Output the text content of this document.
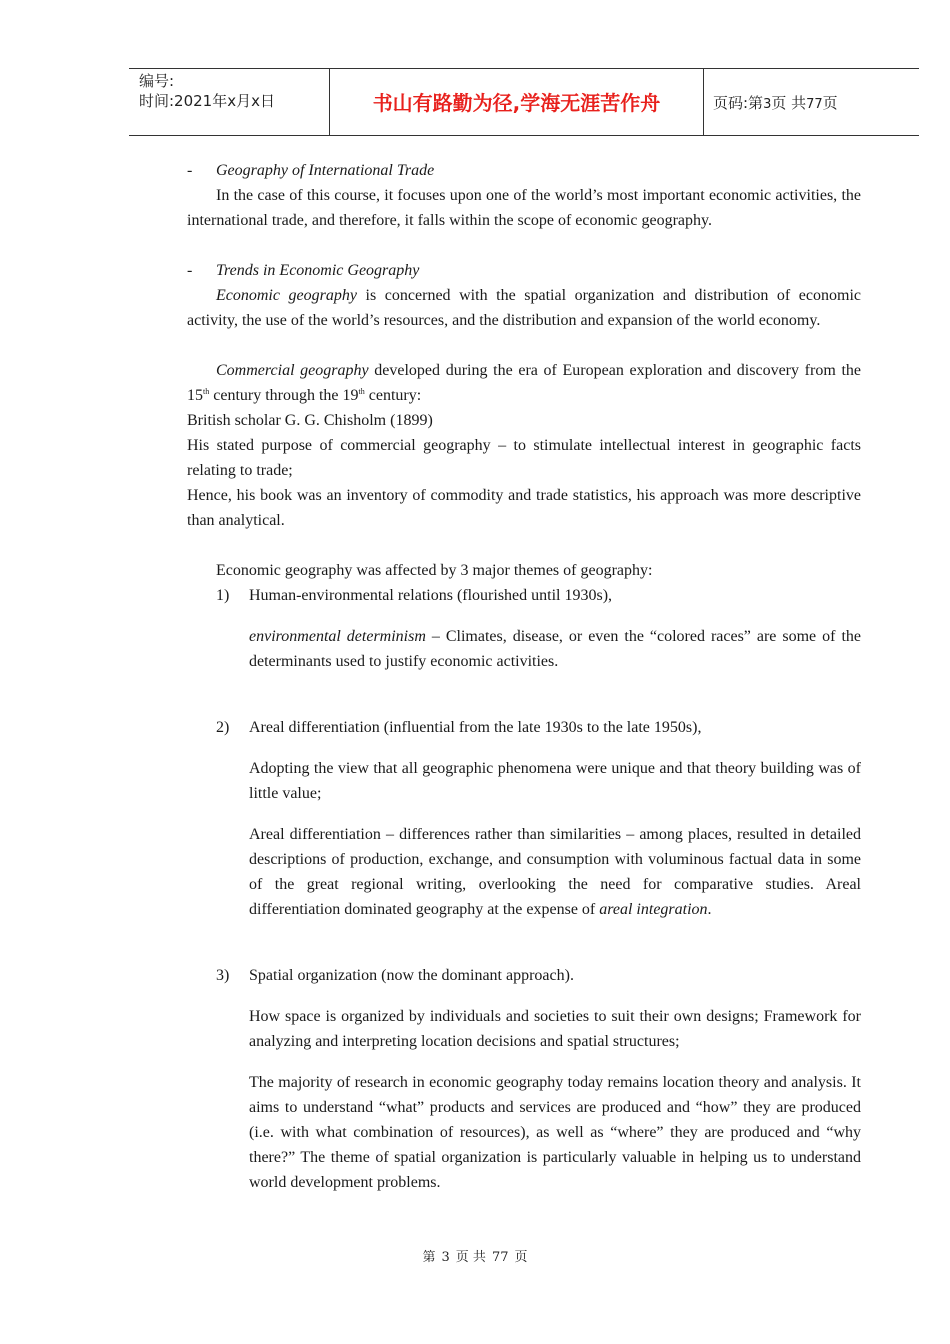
编号:
时间:2021年x月x日	书山有路勤为径,学海无涯苦作舟	页码:第3页 共77页
-	Geography of International Trade

In the case of this course, it focuses upon one of the world’s most important economic activities, the international trade, and therefore, it falls within the scope of economic geography.

-	Trends in Economic Geography

Economic geography is concerned with the spatial organization and distribution of economic activity, the use of the world’s resources, and the distribution and expansion of the world economy.

Commercial geography developed during the era of European exploration and discovery from the 15th century through the 19th century:

British scholar G. G. Chisholm (1899)

His stated purpose of commercial geography – to stimulate intellectual interest in geographic facts relating to trade;

Hence, his book was an inventory of commodity and trade statistics, his approach was more descriptive than analytical.

Economic geography was affected by 3 major themes of geography:

1)	Human-environmental relations (flourished until 1930s),

environmental determinism – Climates, disease, or even the “colored races” are some of the determinants used to justify economic activities.

2)	Areal differentiation (influential from the late 1930s to the late 1950s),

Adopting the view that all geographic phenomena were unique and that theory building was of little value;

Areal differentiation – differences rather than similarities – among places, resulted in detailed descriptions of production, exchange, and consumption with voluminous factual data in some of the great regional writing, overlooking the need for comparative studies. Areal differentiation dominated geography at the expense of areal integration.

3)	Spatial organization (now the dominant approach).

How space is organized by individuals and societies to suit their own designs; Framework for analyzing and interpreting location decisions and spatial structures;

The majority of research in economic geography today remains location theory and analysis. It aims to understand “what” products and services are produced and “how” they are produced (i.e. with what combination of resources), as well as “where” they are produced and “why there?” The theme of spatial organization is particularly valuable in helping us to understand world development problems.

第 3 页 共 77 页
